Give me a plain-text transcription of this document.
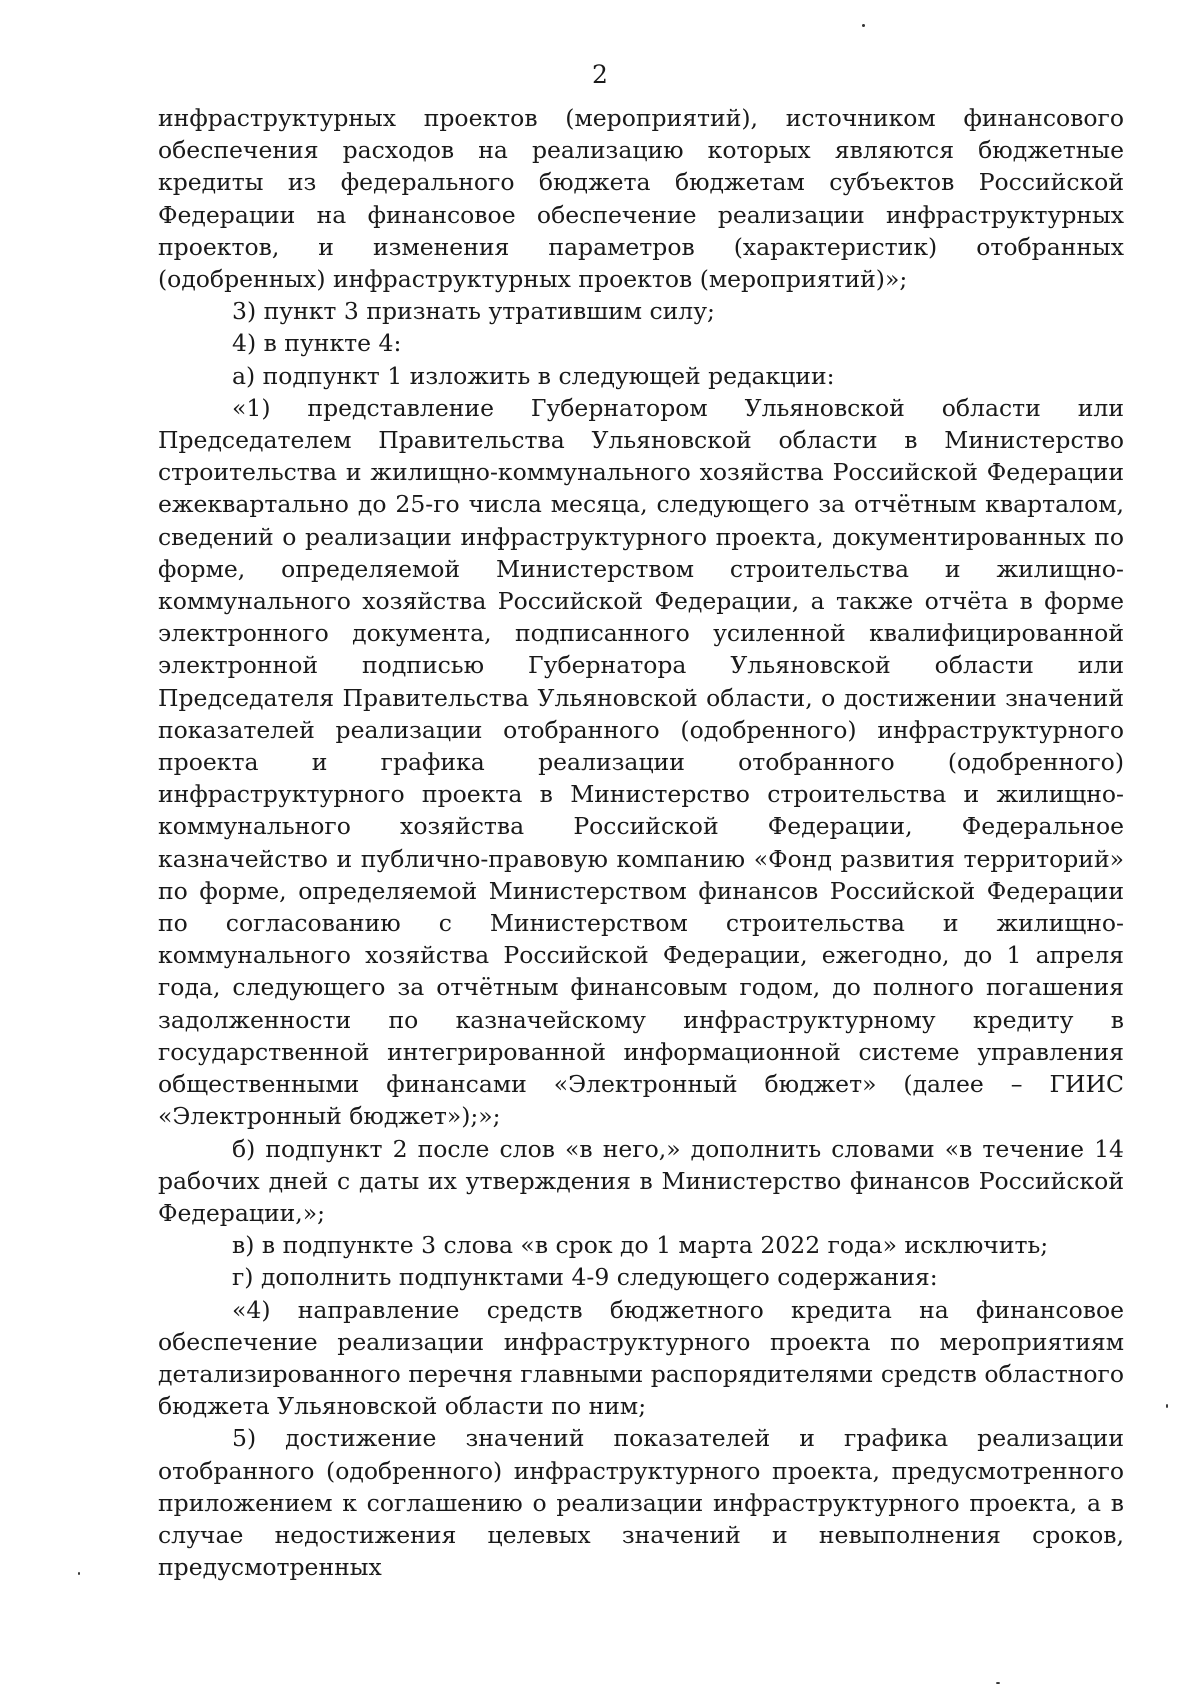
2

инфраструктурных проектов (мероприятий), источником финансового обеспечения расходов на реализацию которых являются бюджетные кредиты из федерального бюджета бюджетам субъектов Российской Федерации на финансовое обеспечение реализации инфраструктурных проектов, и изменения параметров (характеристик) отобранных (одобренных) инфраструктурных проектов (мероприятий)»;

3) пункт 3 признать утратившим силу;

4) в пункте 4:

а) подпункт 1 изложить в следующей редакции:

«1) представление Губернатором Ульяновской области или Председателем Правительства Ульяновской области в Министерство строительства и жилищно-коммунального хозяйства Российской Федерации ежеквартально до 25-го числа месяца, следующего за отчётным кварталом, сведений о реализации инфраструктурного проекта, документированных по форме, определяемой Министерством строительства и жилищно-коммунального хозяйства Российской Федерации, а также отчёта в форме электронного документа, подписанного усиленной квалифицированной электронной подписью Губернатора Ульяновской области или Председателя Правительства Ульяновской области, о достижении значений показателей реализации отобранного (одобренного) инфраструктурного проекта и графика реализации отобранного (одобренного) инфраструктурного проекта в Министерство строительства и жилищно-коммунального хозяйства Российской Федерации, Федеральное казначейство и публично-правовую компанию «Фонд развития территорий» по форме, определяемой Министерством финансов Российской Федерации по согласованию с Министерством строительства и жилищно-коммунального хозяйства Российской Федерации, ежегодно, до 1 апреля года, следующего за отчётным финансовым годом, до полного погашения задолженности по казначейскому инфраструктурному кредиту в государственной интегрированной информационной системе управления общественными финансами «Электронный бюджет» (далее – ГИИС «Электронный бюджет»);»;

б) подпункт 2 после слов «в него,» дополнить словами «в течение 14 рабочих дней с даты их утверждения в Министерство финансов Российской Федерации,»;

в) в подпункте 3 слова «в срок до 1 марта 2022 года» исключить;

г) дополнить подпунктами 4-9 следующего содержания:

«4) направление средств бюджетного кредита на финансовое обеспечение реализации инфраструктурного проекта по мероприятиям детализированного перечня главными распорядителями средств областного бюджета Ульяновской области по ним;

5) достижение значений показателей и графика реализации отобранного (одобренного) инфраструктурного проекта, предусмотренного приложением к соглашению о реализации инфраструктурного проекта, а в случае недостижения целевых значений и невыполнения сроков, предусмотренных
